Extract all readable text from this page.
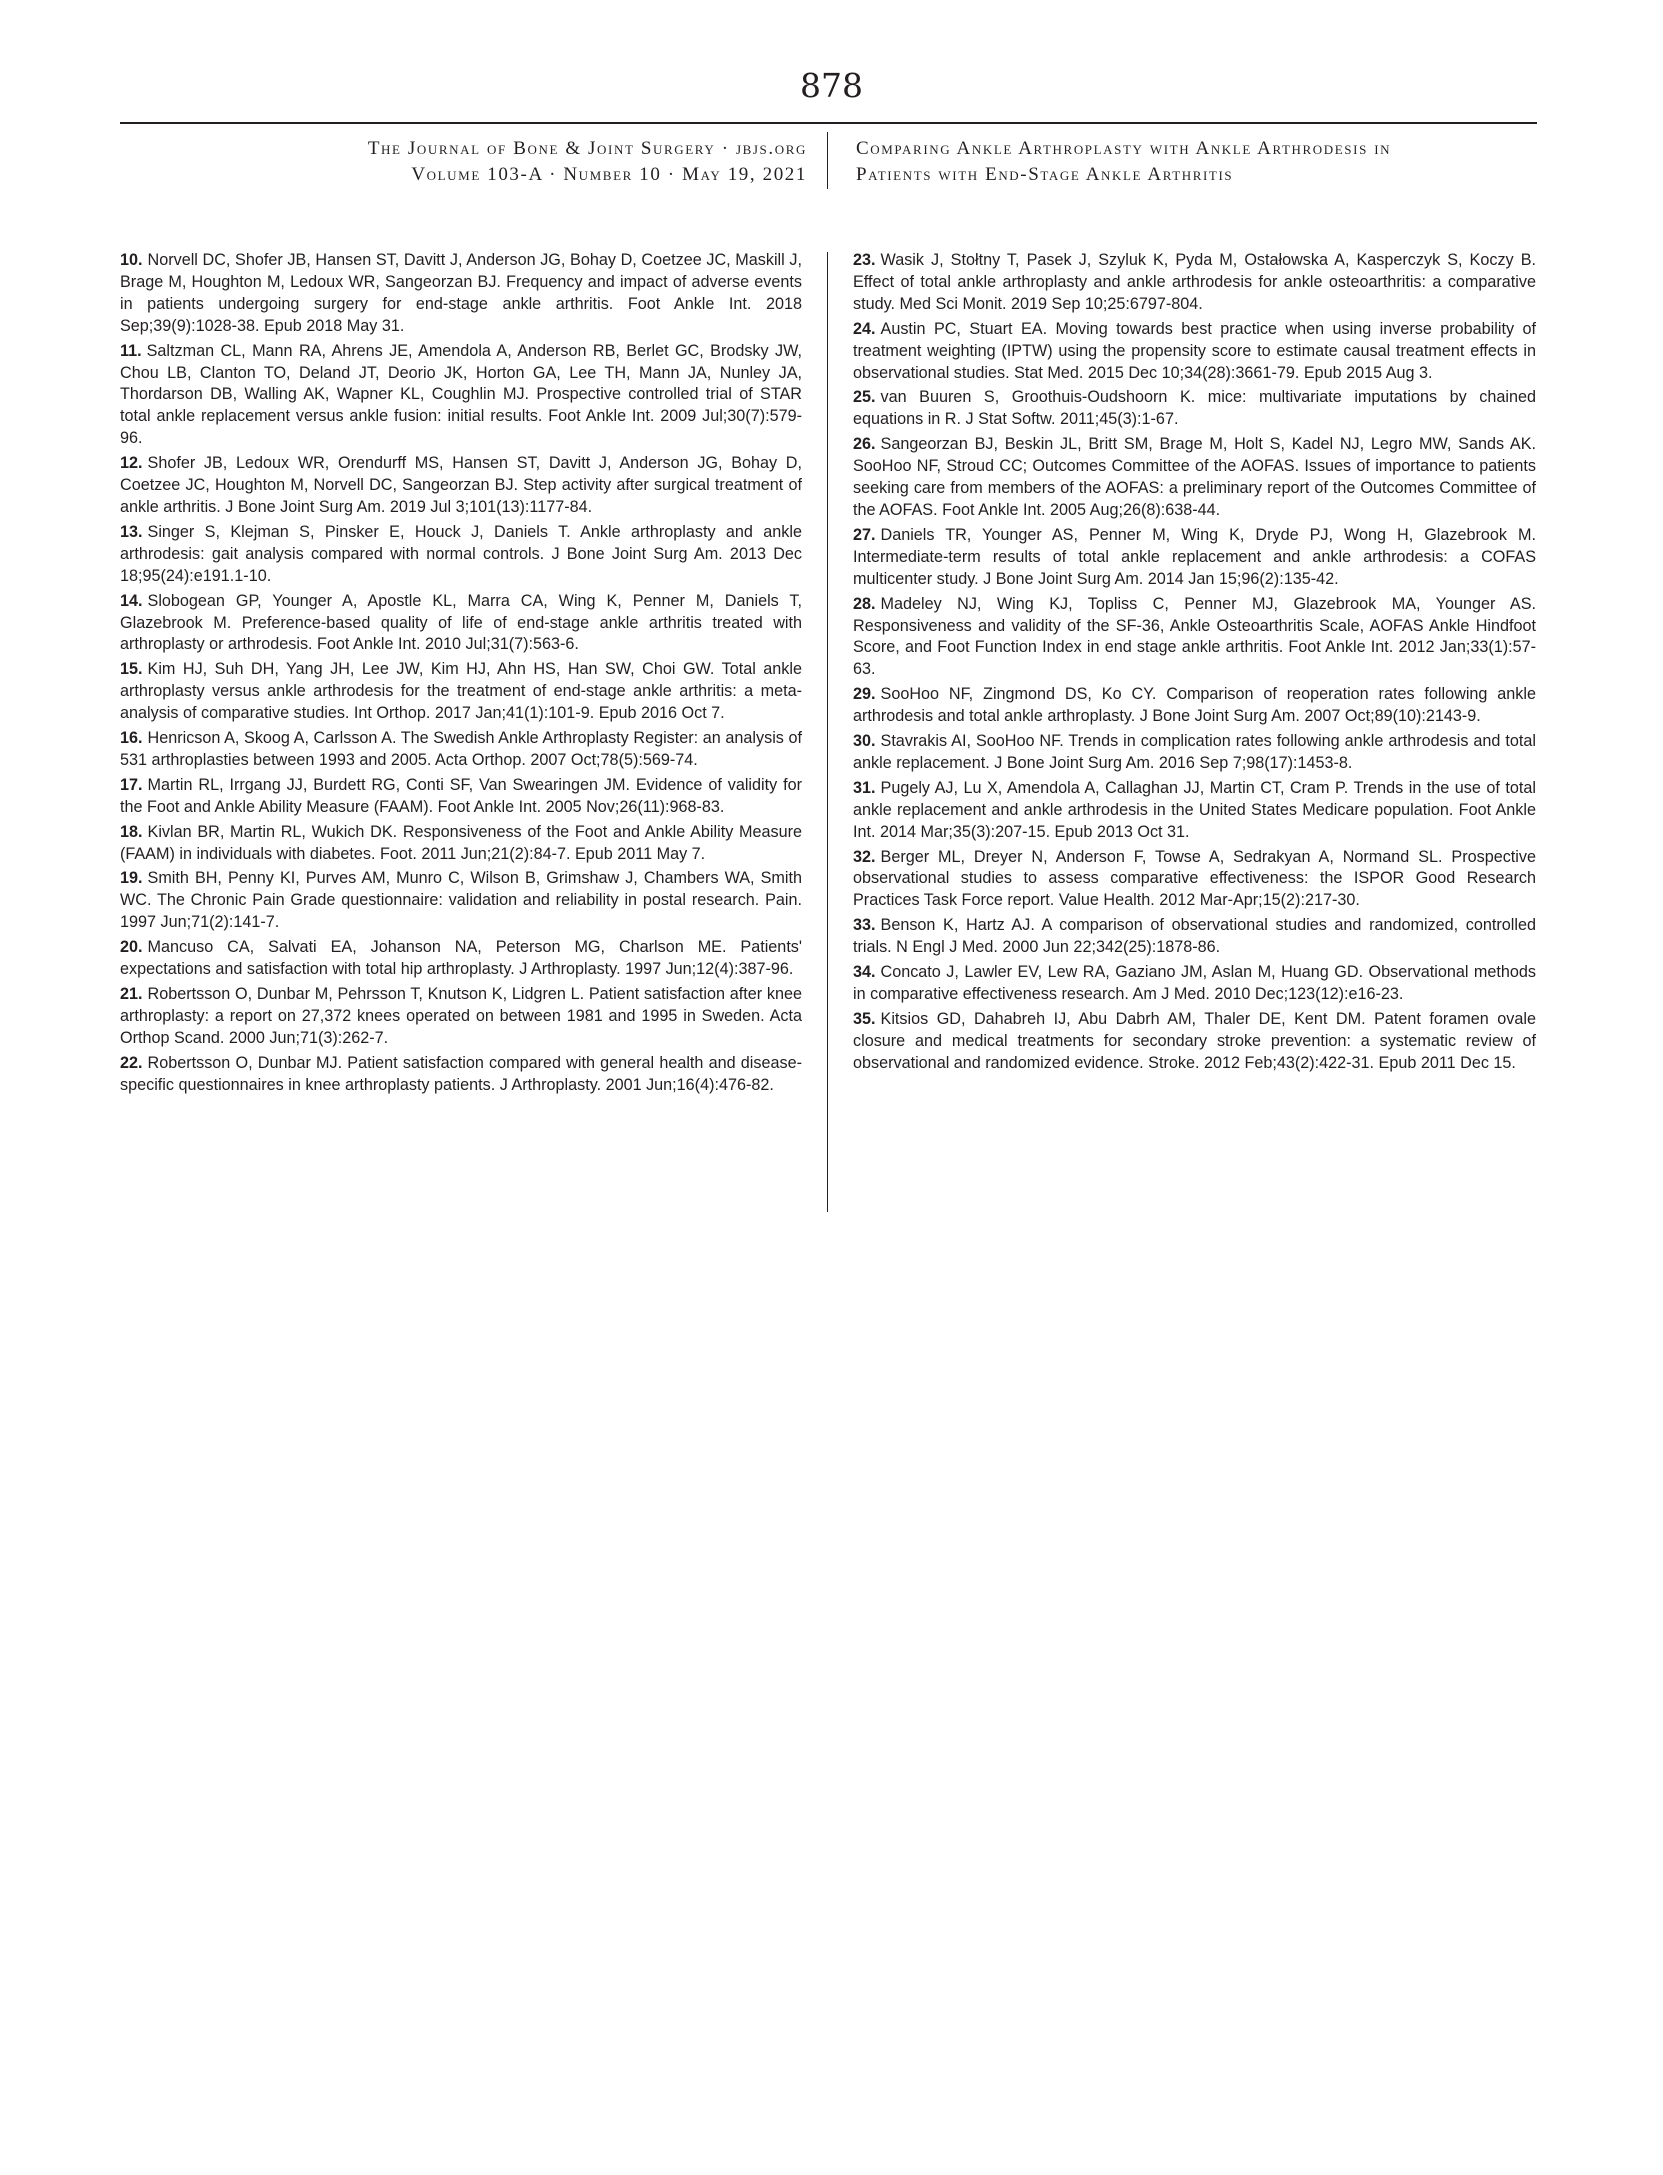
878
The Journal of Bone & Joint Surgery · jbjs.org
Volume 103-A · Number 10 · May 19, 2021
Comparing Ankle Arthroplasty with Ankle Arthrodesis in
Patients with End-Stage Ankle Arthritis

10. Norvell DC, Shofer JB, Hansen ST, Davitt J, Anderson JG, Bohay D, Coetzee JC, Maskill J, Brage M, Houghton M, Ledoux WR, Sangeorzan BJ. Frequency and impact of adverse events in patients undergoing surgery for end-stage ankle arthritis. Foot Ankle Int. 2018 Sep;39(9):1028-38. Epub 2018 May 31.

11. Saltzman CL, Mann RA, Ahrens JE, Amendola A, Anderson RB, Berlet GC, Brodsky JW, Chou LB, Clanton TO, Deland JT, Deorio JK, Horton GA, Lee TH, Mann JA, Nunley JA, Thordarson DB, Walling AK, Wapner KL, Coughlin MJ. Prospective controlled trial of STAR total ankle replacement versus ankle fusion: initial results. Foot Ankle Int. 2009 Jul;30(7):579-96.

12. Shofer JB, Ledoux WR, Orendurff MS, Hansen ST, Davitt J, Anderson JG, Bohay D, Coetzee JC, Houghton M, Norvell DC, Sangeorzan BJ. Step activity after surgical treatment of ankle arthritis. J Bone Joint Surg Am. 2019 Jul 3;101(13):1177-84.

13. Singer S, Klejman S, Pinsker E, Houck J, Daniels T. Ankle arthroplasty and ankle arthrodesis: gait analysis compared with normal controls. J Bone Joint Surg Am. 2013 Dec 18;95(24):e191.1-10.

14. Slobogean GP, Younger A, Apostle KL, Marra CA, Wing K, Penner M, Daniels T, Glazebrook M. Preference-based quality of life of end-stage ankle arthritis treated with arthroplasty or arthrodesis. Foot Ankle Int. 2010 Jul;31(7):563-6.

15. Kim HJ, Suh DH, Yang JH, Lee JW, Kim HJ, Ahn HS, Han SW, Choi GW. Total ankle arthroplasty versus ankle arthrodesis for the treatment of end-stage ankle arthritis: a meta-analysis of comparative studies. Int Orthop. 2017 Jan;41(1):101-9. Epub 2016 Oct 7.

16. Henricson A, Skoog A, Carlsson A. The Swedish Ankle Arthroplasty Register: an analysis of 531 arthroplasties between 1993 and 2005. Acta Orthop. 2007 Oct;78(5):569-74.

17. Martin RL, Irrgang JJ, Burdett RG, Conti SF, Van Swearingen JM. Evidence of validity for the Foot and Ankle Ability Measure (FAAM). Foot Ankle Int. 2005 Nov;26(11):968-83.

18. Kivlan BR, Martin RL, Wukich DK. Responsiveness of the Foot and Ankle Ability Measure (FAAM) in individuals with diabetes. Foot. 2011 Jun;21(2):84-7. Epub 2011 May 7.

19. Smith BH, Penny KI, Purves AM, Munro C, Wilson B, Grimshaw J, Chambers WA, Smith WC. The Chronic Pain Grade questionnaire: validation and reliability in postal research. Pain. 1997 Jun;71(2):141-7.

20. Mancuso CA, Salvati EA, Johanson NA, Peterson MG, Charlson ME. Patients' expectations and satisfaction with total hip arthroplasty. J Arthroplasty. 1997 Jun;12(4):387-96.

21. Robertsson O, Dunbar M, Pehrsson T, Knutson K, Lidgren L. Patient satisfaction after knee arthroplasty: a report on 27,372 knees operated on between 1981 and 1995 in Sweden. Acta Orthop Scand. 2000 Jun;71(3):262-7.

22. Robertsson O, Dunbar MJ. Patient satisfaction compared with general health and disease-specific questionnaires in knee arthroplasty patients. J Arthroplasty. 2001 Jun;16(4):476-82.

23. Wasik J, Stołtny T, Pasek J, Szyluk K, Pyda M, Ostałowska A, Kasperczyk S, Koczy B. Effect of total ankle arthroplasty and ankle arthrodesis for ankle osteoarthritis: a comparative study. Med Sci Monit. 2019 Sep 10;25:6797-804.

24. Austin PC, Stuart EA. Moving towards best practice when using inverse probability of treatment weighting (IPTW) using the propensity score to estimate causal treatment effects in observational studies. Stat Med. 2015 Dec 10;34(28):3661-79. Epub 2015 Aug 3.

25. van Buuren S, Groothuis-Oudshoorn K. mice: multivariate imputations by chained equations in R. J Stat Softw. 2011;45(3):1-67.

26. Sangeorzan BJ, Beskin JL, Britt SM, Brage M, Holt S, Kadel NJ, Legro MW, Sands AK. SooHoo NF, Stroud CC; Outcomes Committee of the AOFAS. Issues of importance to patients seeking care from members of the AOFAS: a preliminary report of the Outcomes Committee of the AOFAS. Foot Ankle Int. 2005 Aug;26(8):638-44.

27. Daniels TR, Younger AS, Penner M, Wing K, Dryde PJ, Wong H, Glazebrook M. Intermediate-term results of total ankle replacement and ankle arthrodesis: a COFAS multicenter study. J Bone Joint Surg Am. 2014 Jan 15;96(2):135-42.

28. Madeley NJ, Wing KJ, Topliss C, Penner MJ, Glazebrook MA, Younger AS. Responsiveness and validity of the SF-36, Ankle Osteoarthritis Scale, AOFAS Ankle Hindfoot Score, and Foot Function Index in end stage ankle arthritis. Foot Ankle Int. 2012 Jan;33(1):57-63.

29. SooHoo NF, Zingmond DS, Ko CY. Comparison of reoperation rates following ankle arthrodesis and total ankle arthroplasty. J Bone Joint Surg Am. 2007 Oct;89(10):2143-9.

30. Stavrakis AI, SooHoo NF. Trends in complication rates following ankle arthrodesis and total ankle replacement. J Bone Joint Surg Am. 2016 Sep 7;98(17):1453-8.

31. Pugely AJ, Lu X, Amendola A, Callaghan JJ, Martin CT, Cram P. Trends in the use of total ankle replacement and ankle arthrodesis in the United States Medicare population. Foot Ankle Int. 2014 Mar;35(3):207-15. Epub 2013 Oct 31.

32. Berger ML, Dreyer N, Anderson F, Towse A, Sedrakyan A, Normand SL. Prospective observational studies to assess comparative effectiveness: the ISPOR Good Research Practices Task Force report. Value Health. 2012 Mar-Apr;15(2):217-30.

33. Benson K, Hartz AJ. A comparison of observational studies and randomized, controlled trials. N Engl J Med. 2000 Jun 22;342(25):1878-86.

34. Concato J, Lawler EV, Lew RA, Gaziano JM, Aslan M, Huang GD. Observational methods in comparative effectiveness research. Am J Med. 2010 Dec;123(12):e16-23.

35. Kitsios GD, Dahabreh IJ, Abu Dabrh AM, Thaler DE, Kent DM. Patent foramen ovale closure and medical treatments for secondary stroke prevention: a systematic review of observational and randomized evidence. Stroke. 2012 Feb;43(2):422-31. Epub 2011 Dec 15.
